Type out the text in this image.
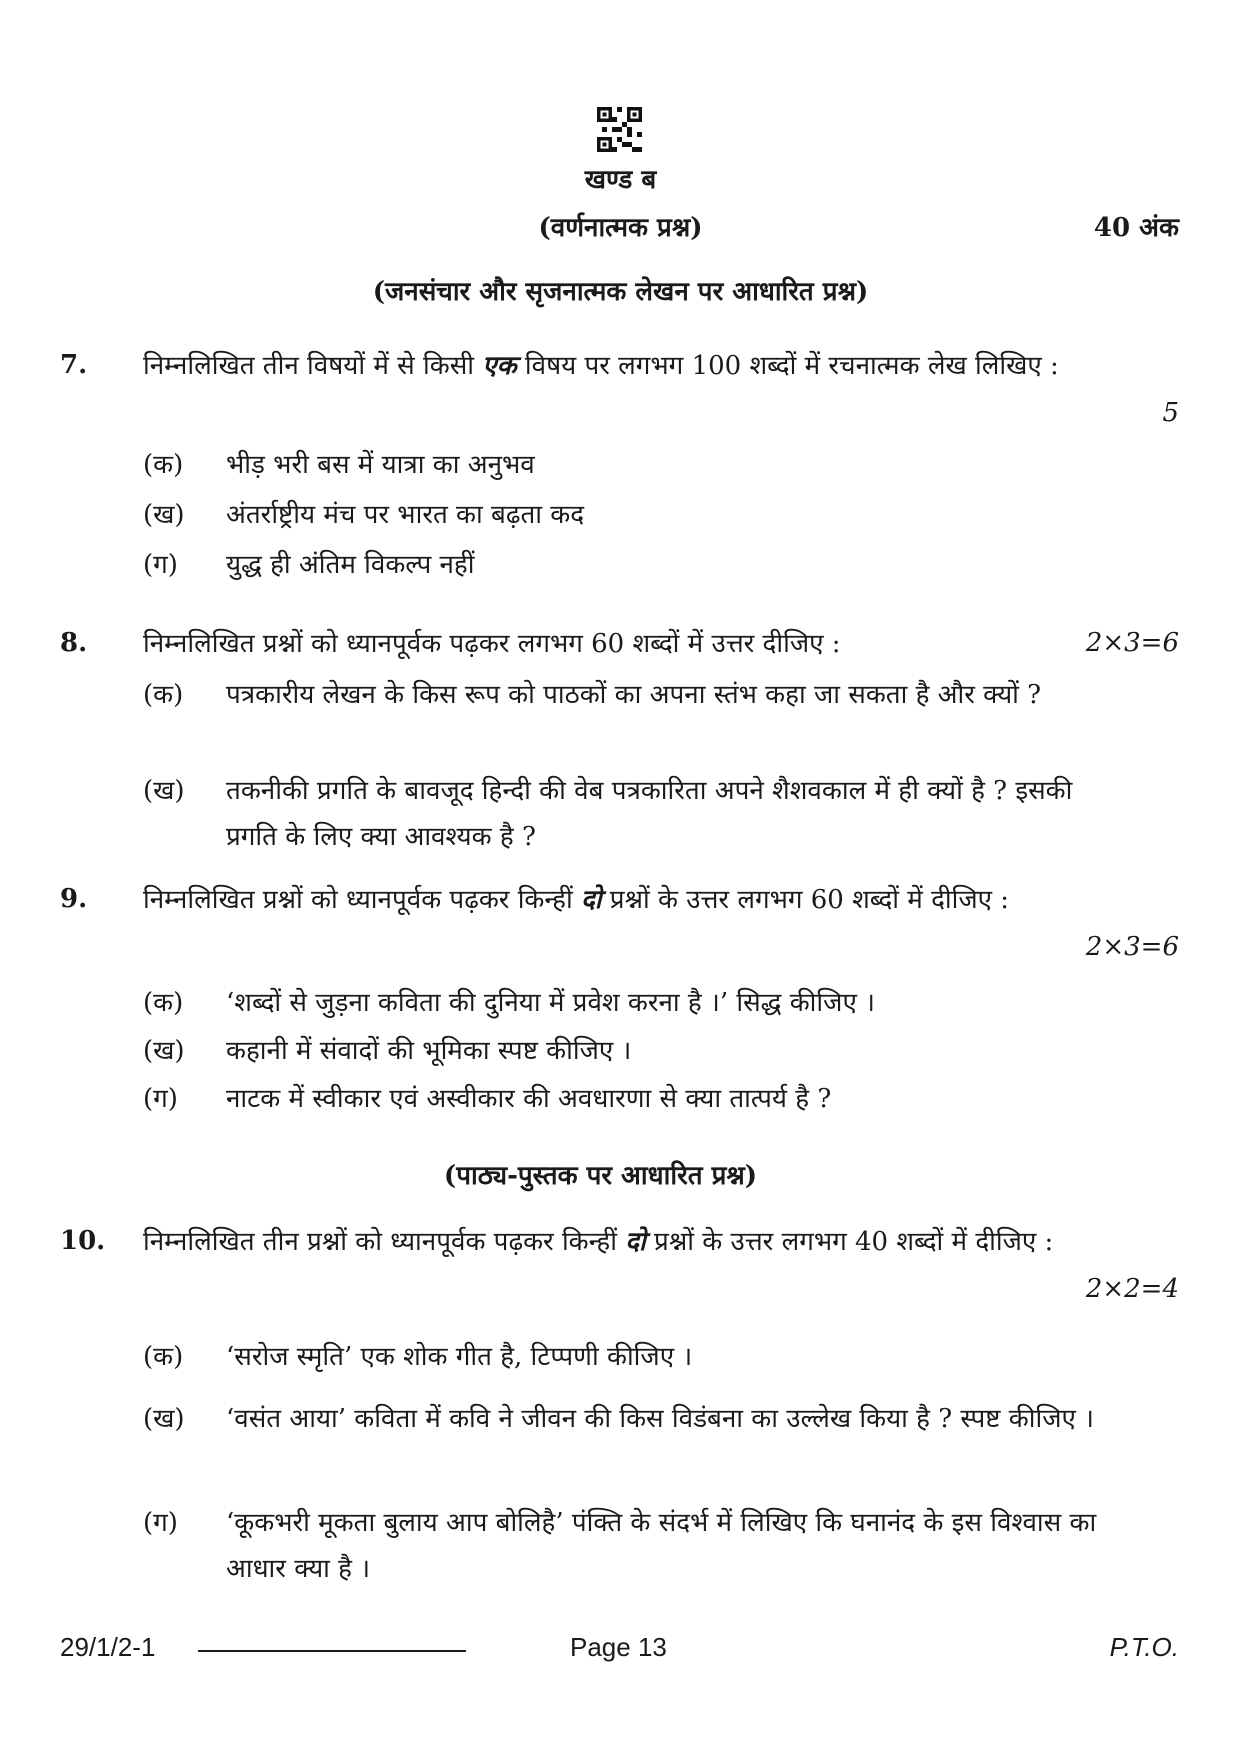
खण्ड ब
(वर्णनात्मक प्रश्न)	40 अंक
(जनसंचार और सृजनात्मक लेखन पर आधारित प्रश्न)
7. निम्नलिखित तीन विषयों में से किसी एक विषय पर लगभग 100 शब्दों में रचनात्मक लेख लिखिए :
5
(क)	भीड़ भरी बस में यात्रा का अनुभव
(ख)	अंतर्राष्ट्रीय मंच पर भारत का बढ़ता कद
(ग)	युद्ध ही अंतिम विकल्प नहीं
8. निम्नलिखित प्रश्नों को ध्यानपूर्वक पढ़कर लगभग 60 शब्दों में उत्तर दीजिए :	2×3=6
(क)	पत्रकारीय लेखन के किस रूप को पाठकों का अपना स्तंभ कहा जा सकता है और क्यों ?
(ख)	तकनीकी प्रगति के बावजूद हिन्दी की वेब पत्रकारिता अपने शैशवकाल में ही क्यों है ? इसकी प्रगति के लिए क्या आवश्यक है ?
9. निम्नलिखित प्रश्नों को ध्यानपूर्वक पढ़कर किन्हीं दो प्रश्नों के उत्तर लगभग 60 शब्दों में दीजिए :
2×3=6
(क)	‘शब्दों से जुड़ना कविता की दुनिया में प्रवेश करना है ।’ सिद्ध कीजिए ।
(ख)	कहानी में संवादों की भूमिका स्पष्ट कीजिए ।
(ग)	नाटक में स्वीकार एवं अस्वीकार की अवधारणा से क्या तात्पर्य है ?
(पाठ्य-पुस्तक पर आधारित प्रश्न)
10. निम्नलिखित तीन प्रश्नों को ध्यानपूर्वक पढ़कर किन्हीं दो प्रश्नों के उत्तर लगभग 40 शब्दों में दीजिए :
2×2=4
(क)	‘सरोज स्मृति’ एक शोक गीत है, टिप्पणी कीजिए ।
(ख)	‘वसंत आया’ कविता में कवि ने जीवन की किस विडंबना का उल्लेख किया है ? स्पष्ट कीजिए ।
(ग)	‘कूकभरी मूकता बुलाय आप बोलिहै’ पंक्ति के संदर्भ में लिखिए कि घनानंद के इस विश्वास का आधार क्या है ।
29/1/2-1	Page 13	P.T.O.
